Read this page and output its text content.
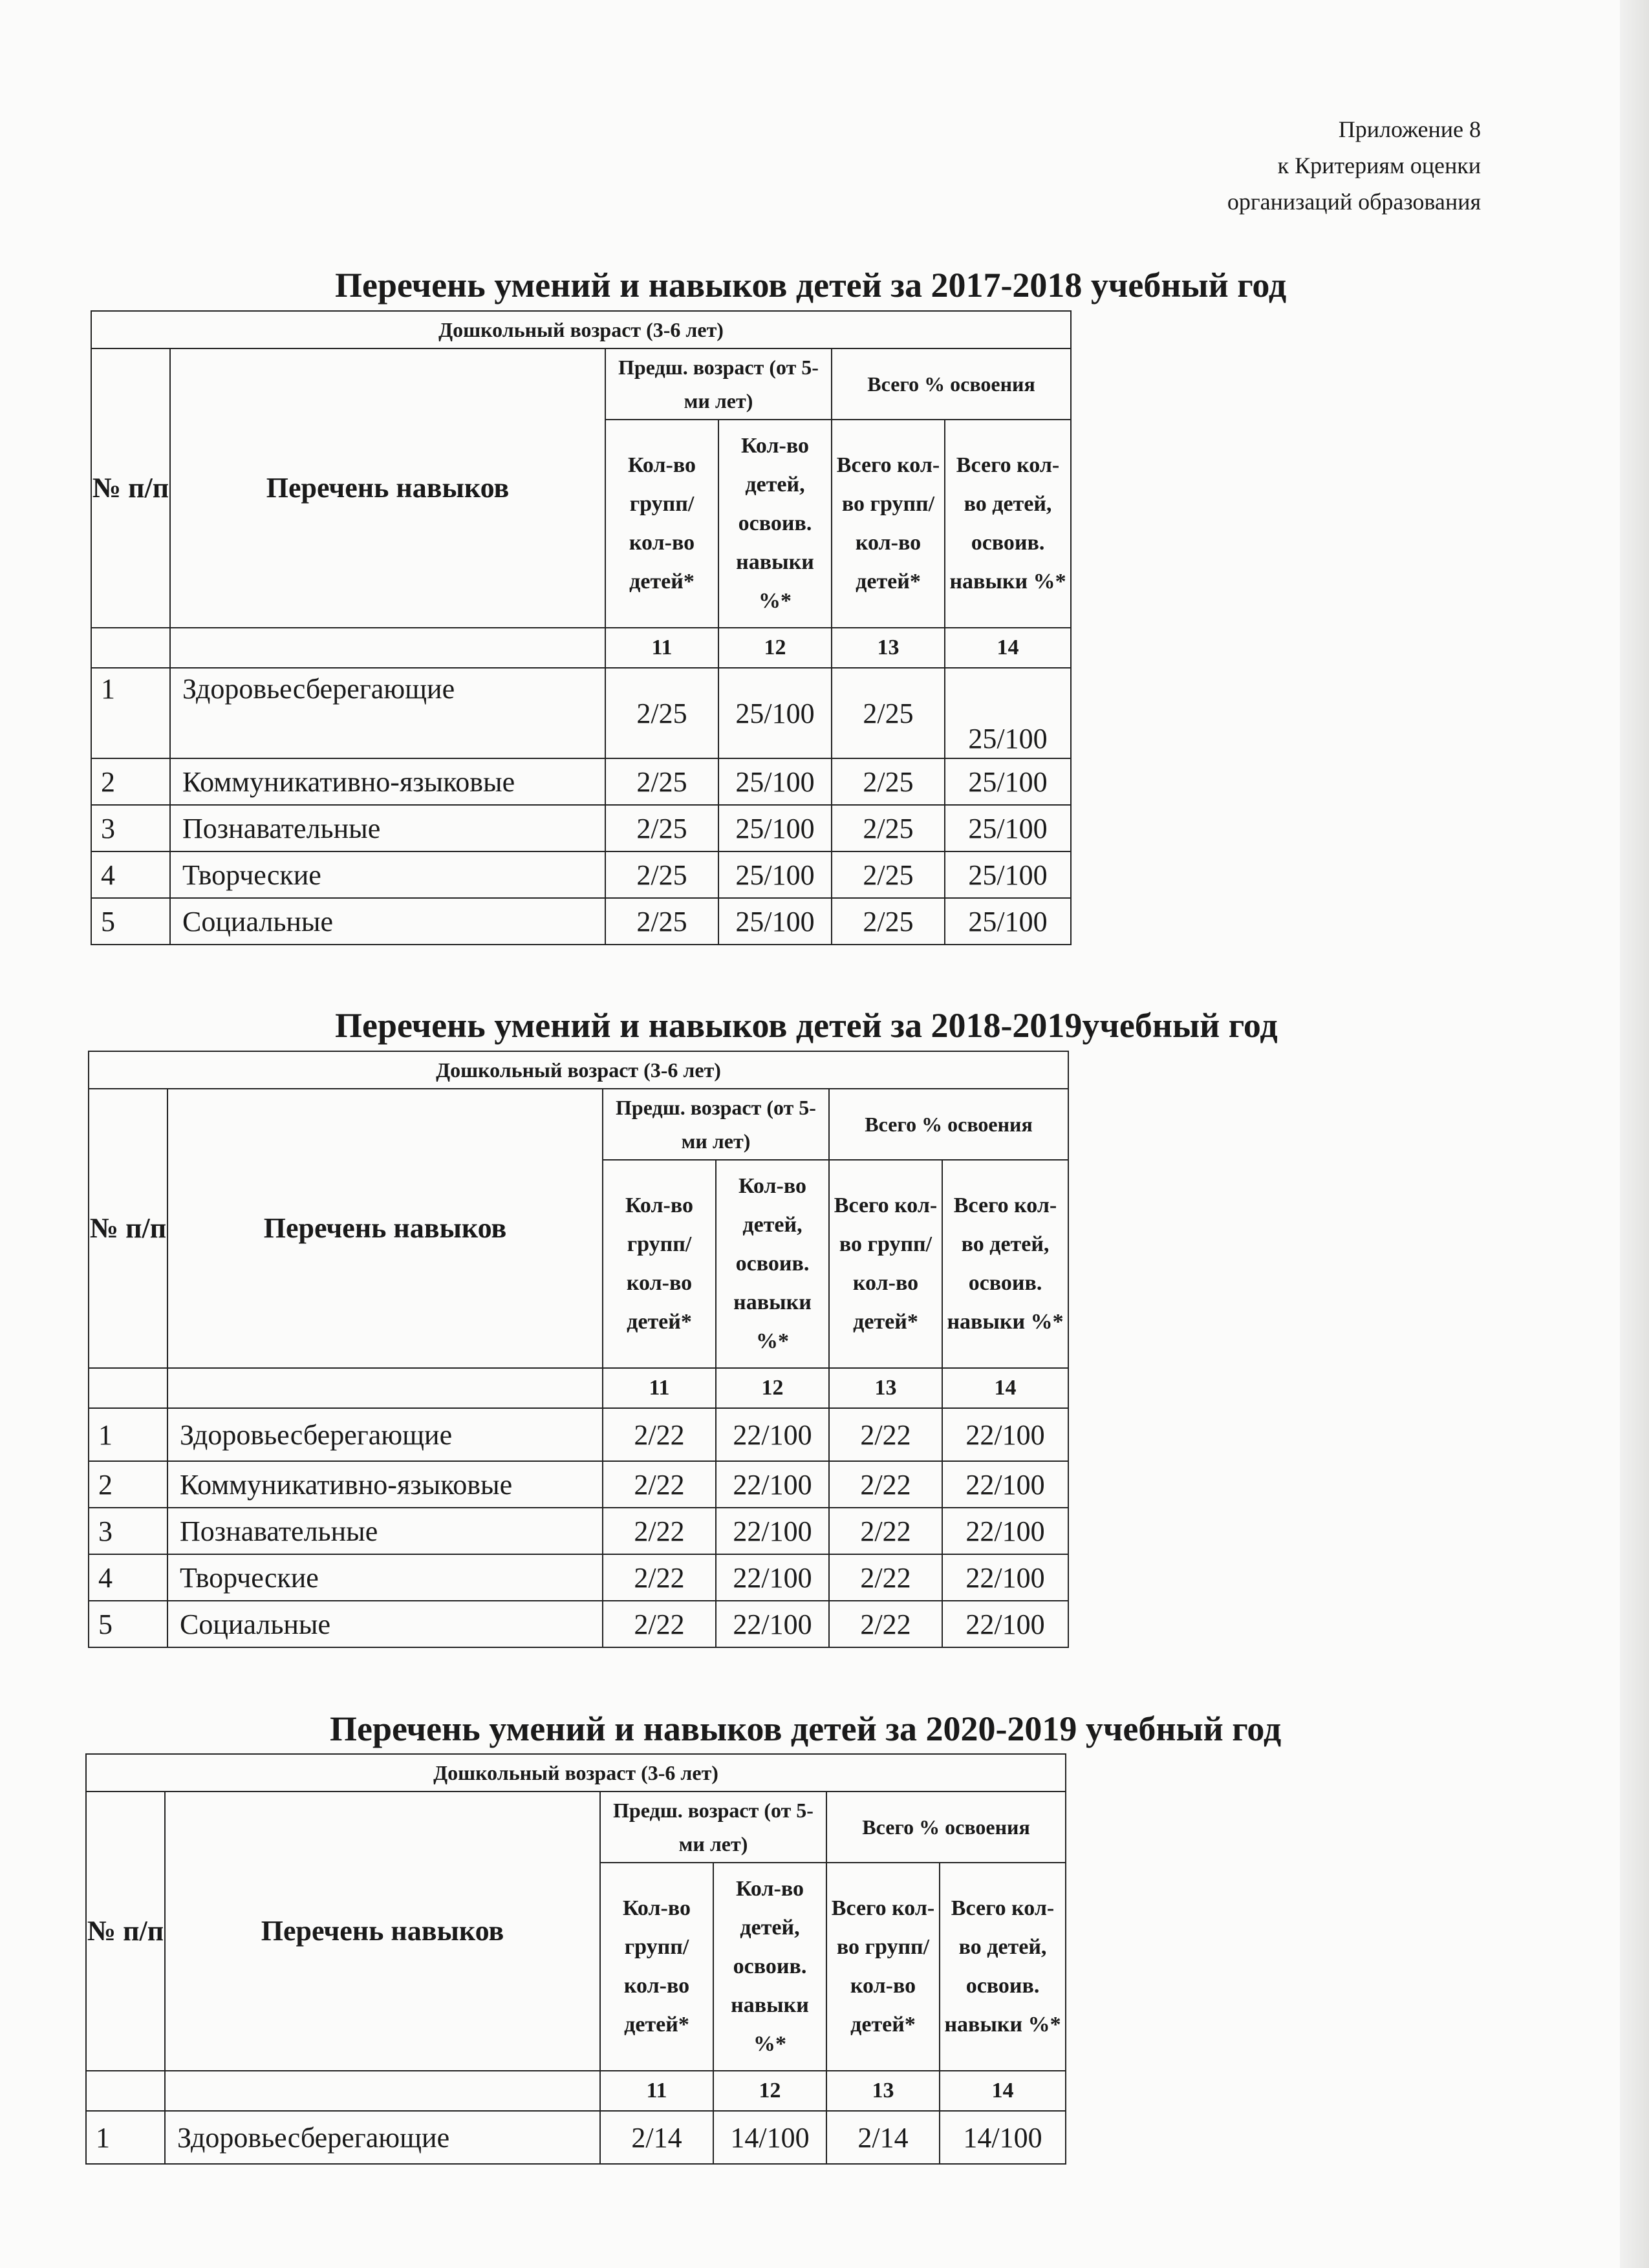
Приложение 8
к Критериям оценки
организаций образования
Перечень умений и навыков детей за 2017-2018 учебный год
Дошкольный возраст (3-6 лет)					
№ п/п	Перечень навыков	Предш. возраст (от 5-ми лет)		Всего % освоения	
		Кол-во групп/ кол-во детей*	Кол-во детей, освоив. навыки %*	Всего кол-во групп/ кол-во детей*	Всего кол-во детей, освоив. навыки %*
		11	12	13	14
1	Здоровьесберегающие	2/25	25/100	2/25	25/100
2	Коммуникативно-языковые	2/25	25/100	2/25	25/100
3	Познавательные	2/25	25/100	2/25	25/100
4	Творческие	2/25	25/100	2/25	25/100
5	Социальные	2/25	25/100	2/25	25/100
Перечень умений и навыков детей за 2018-2019учебный год
Дошкольный возраст (3-6 лет)					
№ п/п	Перечень навыков	Предш. возраст (от 5-ми лет)		Всего % освоения	
		Кол-во групп/ кол-во детей*	Кол-во детей, освоив. навыки %*	Всего кол-во групп/ кол-во детей*	Всего кол-во детей, освоив. навыки %*
		11	12	13	14
1	Здоровьесберегающие	2/22	22/100	2/22	22/100
2	Коммуникативно-языковые	2/22	22/100	2/22	22/100
3	Познавательные	2/22	22/100	2/22	22/100
4	Творческие	2/22	22/100	2/22	22/100
5	Социальные	2/22	22/100	2/22	22/100
Перечень умений и навыков детей за 2020-2019 учебный год
Дошкольный возраст (3-6 лет)					
№ п/п	Перечень навыков	Предш. возраст (от 5-ми лет)		Всего % освоения	
		Кол-во групп/ кол-во детей*	Кол-во детей, освоив. навыки %*	Всего кол-во групп/ кол-во детей*	Всего кол-во детей, освоив. навыки %*
		11	12	13	14
1	Здоровьесберегающие	2/14	14/100	2/14	14/100
